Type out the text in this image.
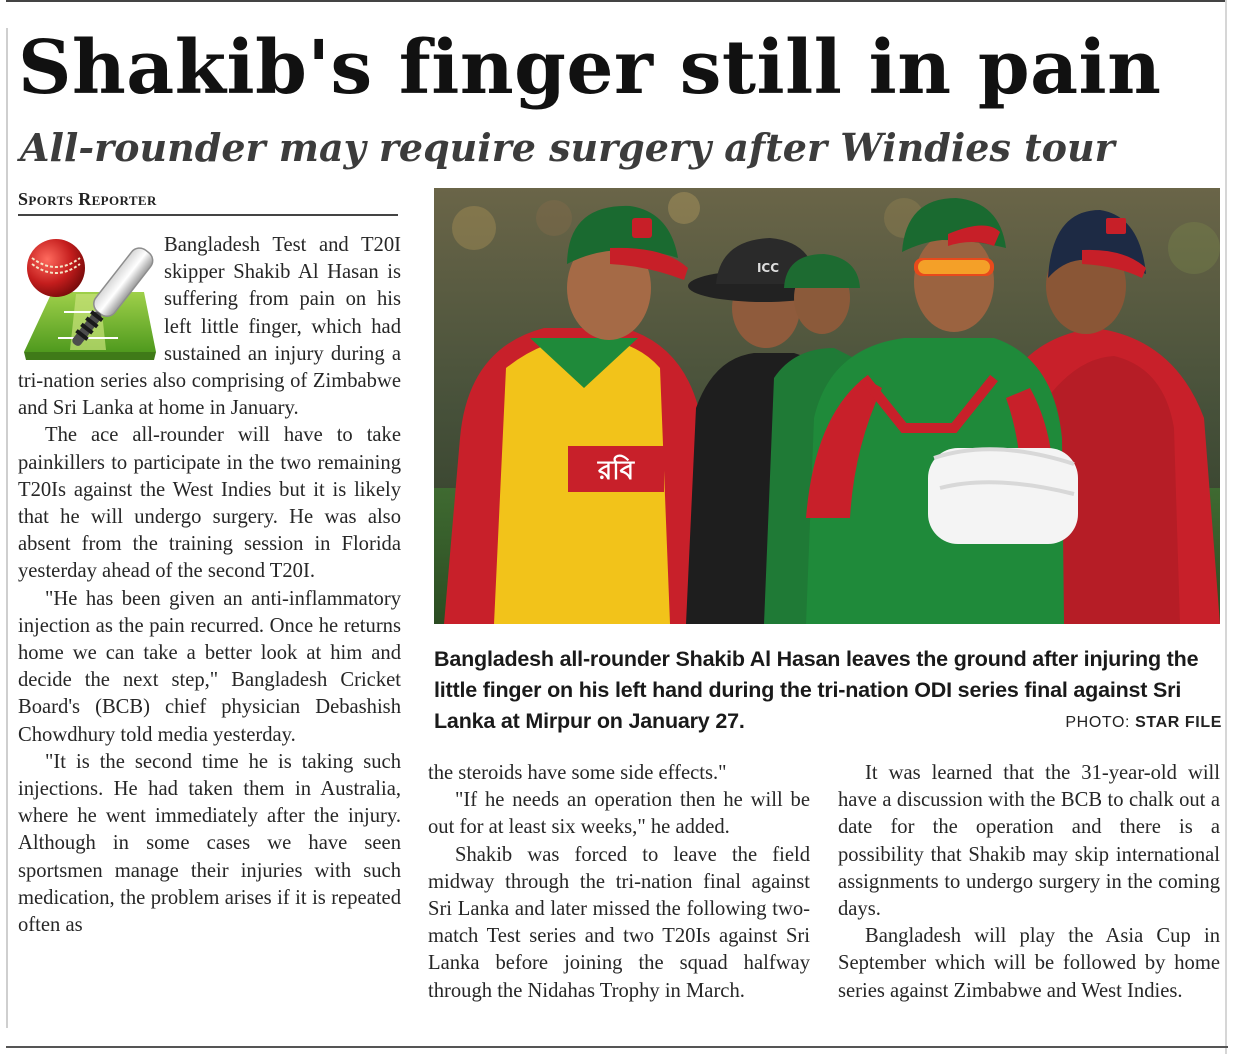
Shakib's finger still in pain
All-rounder may require surgery after Windies tour
Sports Reporter

Bangladesh Test and T20I skipper Shakib Al Hasan is suffering from pain on his left little finger, which had sustained an injury during a tri-nation series also comprising of Zimbabwe and Sri Lanka at home in January.

The ace all-rounder will have to take painkillers to participate in the two remaining T20Is against the West Indies but it is likely that he will undergo surgery. He was also absent from the training session in Florida yesterday ahead of the second T20I.

"He has been given an anti-inflammatory injection as the pain recurred. Once he returns home we can take a better look at him and decide the next step," Bangladesh Cricket Board's (BCB) chief physician Debashish Chowdhury told media yesterday.

"It is the second time he is taking such injections. He had taken them in Australia, where he went immediately after the injury. Although in some cases we have seen sportsmen manage their injuries with such medication, the problem arises if it is repeated often as

রবি
ICC
Bangladesh all-rounder Shakib Al Hasan leaves the ground after injuring the little finger on his left hand during the tri-nation ODI series final against Sri Lanka at Mirpur on January 27.	PHOTO: STAR FILE

the steroids have some side effects."

"If he needs an operation then he will be out for at least six weeks," he added.

Shakib was forced to leave the field midway through the tri-nation final against Sri Lanka and later missed the following two-match Test series and two T20Is against Sri Lanka before joining the squad halfway through the Nidahas Trophy in March.

It was learned that the 31-year-old will have a discussion with the BCB to chalk out a date for the operation and there is a possibility that Shakib may skip international assignments to undergo surgery in the coming days.

Bangladesh will play the Asia Cup in September which will be followed by home series against Zimbabwe and West Indies.
